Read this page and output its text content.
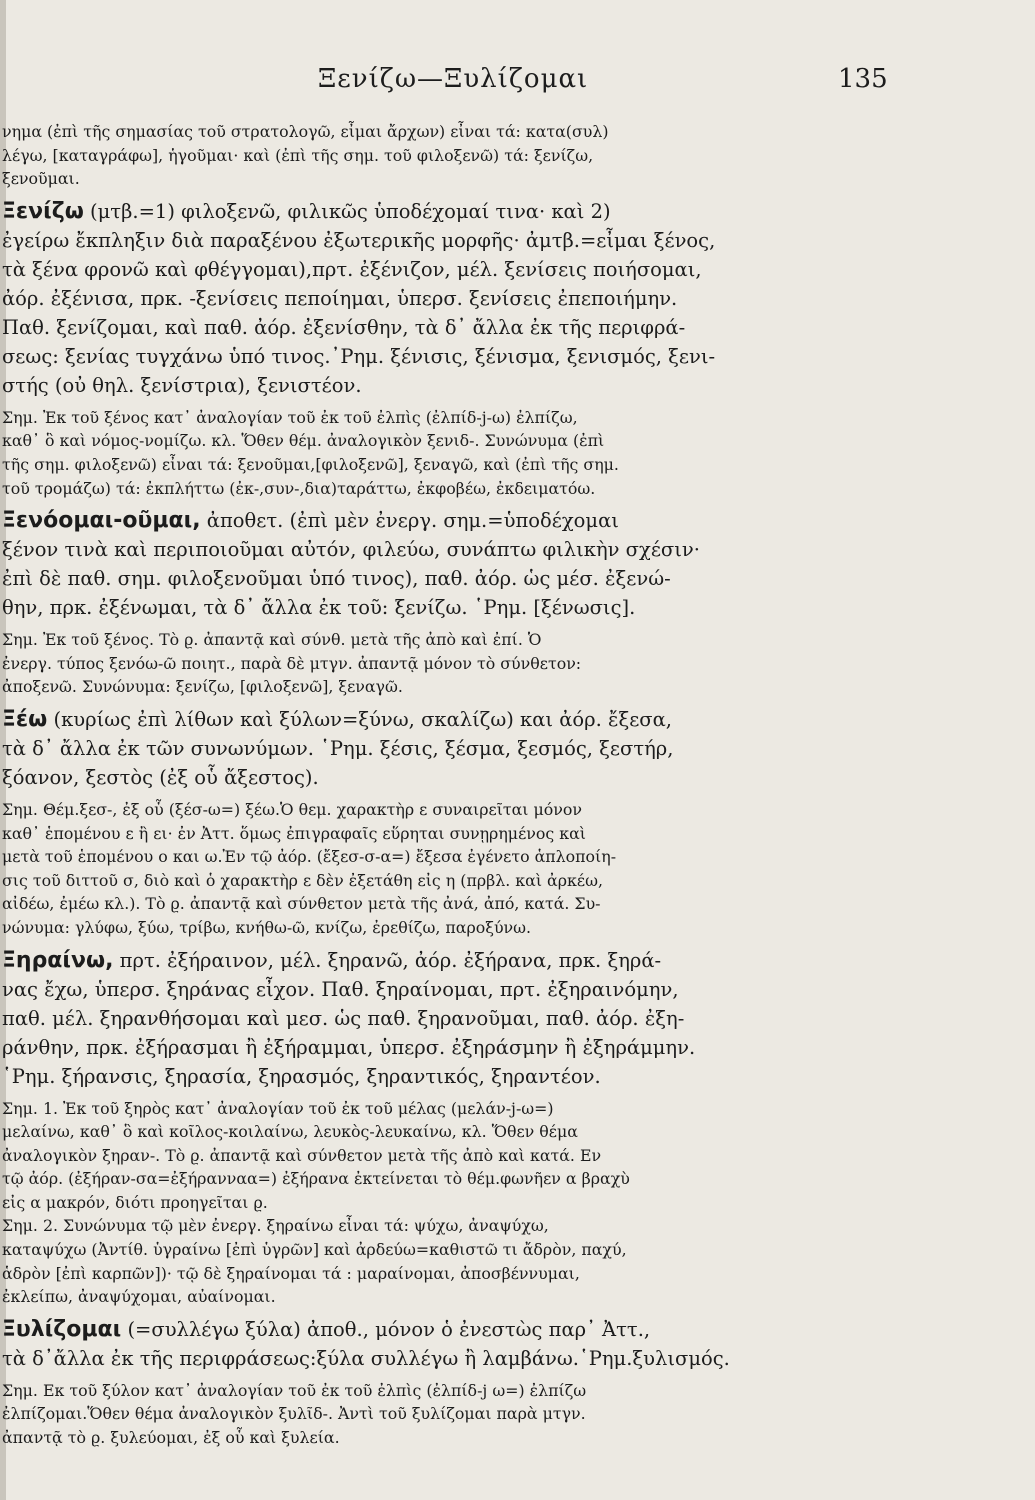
Ξενίζω—Ξυλίζομαι	135
νημα (ἐπὶ τῆς σημασίας τοῦ στρατολογῶ, εἶμαι ἄρχων) εἶναι τά: κατα(συλ)
λέγω, [καταγράφω], ἡγοῦμαι· καὶ (ἐπὶ τῆς σημ. τοῦ φιλοξενῶ) τά: ξενίζω,
ξενοῦμαι.
Ξενίζω (μτβ.=1) φιλοξενῶ, φιλικῶς ὑποδέχομαί τινα· καὶ 2)
ἐγείρω ἔκπληξιν διὰ παραξένου ἐξωτερικῆς μορφῆς· ἀμτβ.=εἶμαι ξένος,
τὰ ξένα φρονῶ καὶ φθέγγομαι),πρτ. ἐξένιζον, μέλ. ξενίσεις ποιήσομαι,
ἀόρ. ἐξένισα, πρκ. -ξενίσεις πεποίημαι, ὑπερσ. ξενίσεις ἐπεποιήμην.
Παθ. ξενίζομαι, καὶ παθ. ἀόρ. ἐξενίσθην, τὰ δ᾽ ἄλλα ἐκ τῆς περιφρά-
σεως: ξενίας τυγχάνω ὑπό τινος.᾿Ρημ. ξένισις, ξένισμα, ξενισμός, ξενι-
στής (οὐ θηλ. ξενίστρια), ξενιστέον.
Σημ. Ἐκ τοῦ ξένος κατ᾽ ἀναλογίαν τοῦ ἐκ τοῦ ἐλπὶς (ἐλπίδ-j-ω) ἐλπίζω,
καθ᾽ ὃ καὶ νόμος-νομίζω. κλ. Ὅθεν θέμ. ἀναλογικὸν ξενιδ-. Συνώνυμα (ἐπὶ
τῆς σημ. φιλοξενῶ) εἶναι τά: ξενοῦμαι,[φιλοξενῶ], ξεναγῶ, καὶ (ἐπὶ τῆς σημ.
τοῦ τρομάζω) τά: ἐκπλήττω (ἐκ-,συν-,δια)ταράττω, ἐκφοβέω, ἐκδειματόω.
Ξενόομαι-οῦμαι, ἀποθετ. (ἐπὶ μὲν ἐνεργ. σημ.=ὑποδέχομαι
ξένον τινὰ καὶ περιποιοῦμαι αὐτόν, φιλεύω, συνάπτω φιλικὴν σχέσιν·
ἐπὶ δὲ παθ. σημ. φιλοξενοῦμαι ὑπό τινος), παθ. ἀόρ. ὡς μέσ. ἐξενώ-
θην, πρκ. ἐξένωμαι, τὰ δ᾽ ἄλλα ἐκ τοῦ: ξενίζω. ῾Ρημ. [ξένωσις].
Σημ. Ἐκ τοῦ ξένος. Τὸ ϱ. ἀπαντᾷ καὶ σύνθ. μετὰ τῆς ἀπὸ καὶ ἐπί. Ὁ
ἐνεργ. τύπος ξενόω-ῶ ποιητ., παρὰ δὲ μτγν. ἀπαντᾷ μόνον τὸ σύνθετον:
ἀποξενῶ. Συνώνυμα: ξενίζω, [φιλοξενῶ], ξεναγῶ.
Ξέω (κυρίως ἐπὶ λίθων καὶ ξύλων=ξύνω, σκαλίζω) και ἀόρ. ἔξεσα,
τὰ δ᾽ ἄλλα ἐκ τῶν συνωνύμων. ῾Ρημ. ξέσις, ξέσμα, ξεσμός, ξεστήρ,
ξόανον, ξεστὸς (ἐξ οὗ ἄξεστος).
Σημ. Θέμ.ξεσ-, ἐξ οὗ (ξέσ-ω=) ξέω.Ὁ θεμ. χαρακτὴρ ε συναιρεῖται μόνον
καθ᾽ ἑπομένου ε ἢ ει· ἐν Ἀττ. ὅμως ἐπιγραφαῖς εὕρηται συνῃρημένος καὶ
μετὰ τοῦ ἑπομένου ο και ω.Ἐν τῷ ἀόρ. (ἔξεσ-σ-α=) ἔξεσα ἐγένετο ἁπλοποίη-
σις τοῦ διττοῦ σ, διὸ καὶ ὁ χαρακτὴρ ε δὲν ἐξετάθη εἰς η (πρβλ. καὶ ἀρκέω,
αἰδέω, ἐμέω κλ.). Τὸ ϱ. ἀπαντᾷ καὶ σύνθετον μετὰ τῆς ἀνά, ἀπό, κατά. Συ-
νώνυμα: γλύφω, ξύω, τρίβω, κνήθω-ῶ, κνίζω, ἐρεθίζω, παροξύνω.
Ξηραίνω, πρτ. ἐξήραινον, μέλ. ξηρανῶ, ἀόρ. ἐξήρανα, πρκ. ξηρά-
νας ἔχω, ὑπερσ. ξηράνας εἶχον. Παθ. ξηραίνομαι, πρτ. ἐξηραινόμην,
παθ. μέλ. ξηρανθήσομαι καὶ μεσ. ὡς παθ. ξηρανοῦμαι, παθ. ἀόρ. ἐξη-
ράνθην, πρκ. ἐξήρασμαι ἢ ἐξήραμμαι, ὑπερσ. ἐξηράσμην ἢ ἐξηράμμην.
῾Ρημ. ξήρανσις, ξηρασία, ξηρασμός, ξηραντικός, ξηραντέον.
Σημ. 1. Ἐκ τοῦ ξηρὸς κατ᾽ ἀναλογίαν τοῦ ἐκ τοῦ μέλας (μελάν-j-ω=)
μελαίνω, καθ᾽ ὃ καὶ κοῖλος-κοιλαίνω, λευκὸς-λευκαίνω, κλ. Ὅθεν θέμα
ἀναλογικὸν ξηραν-. Τὸ ϱ. ἀπαντᾷ καὶ σύνθετον μετὰ τῆς ἀπὸ καὶ κατά. Εν
τῷ ἀόρ. (ἐξήραν-σα=ἐξήρανναα=) ἐξήρανα ἐκτείνεται τὸ θέμ.φωνῆεν α βραχὺ
εἰς α μακρόν, διότι προηγεῖται ϱ.
Σημ. 2. Συνώνυμα τῷ μὲν ἐνεργ. ξηραίνω εἶναι τά: ψύχω, ἀναψύχω,
καταψύχω (Ἀντίθ. ὑγραίνω [ἐπὶ ὑγρῶν] καὶ ἀρδεύω=καθιστῶ τι ἄδρὸν, παχύ,
ἁδρὸν [ἐπὶ καρπῶν])· τῷ δὲ ξηραίνομαι τά : μαραίνομαι, ἀποσβέννυμαι,
ἐκλείπω, ἀναψύχομαι, αὐαίνομαι.
Ξυλίζομαι (=συλλέγω ξύλα) ἀποθ., μόνον ὁ ἐνεστὼς παρ᾽ Ἀττ.,
τὰ δ᾽ἄλλα ἐκ τῆς περιφράσεως:ξύλα συλλέγω ἢ λαμβάνω.῾Ρημ.ξυλισμός.
Σημ. Εκ τοῦ ξύλον κατ᾽ ἀναλογίαν τοῦ ἐκ τοῦ ἐλπὶς (ἐλπίδ-j ω=) ἐλπίζω
ἐλπίζομαι.Ὅθεν θέμα ἀναλογικὸν ξυλῖδ-. Ἀντὶ τοῦ ξυλίζομαι παρὰ μτγν.
ἀπαντᾷ τὸ ϱ. ξυλεύομαι, ἐξ οὗ καὶ ξυλεία.
